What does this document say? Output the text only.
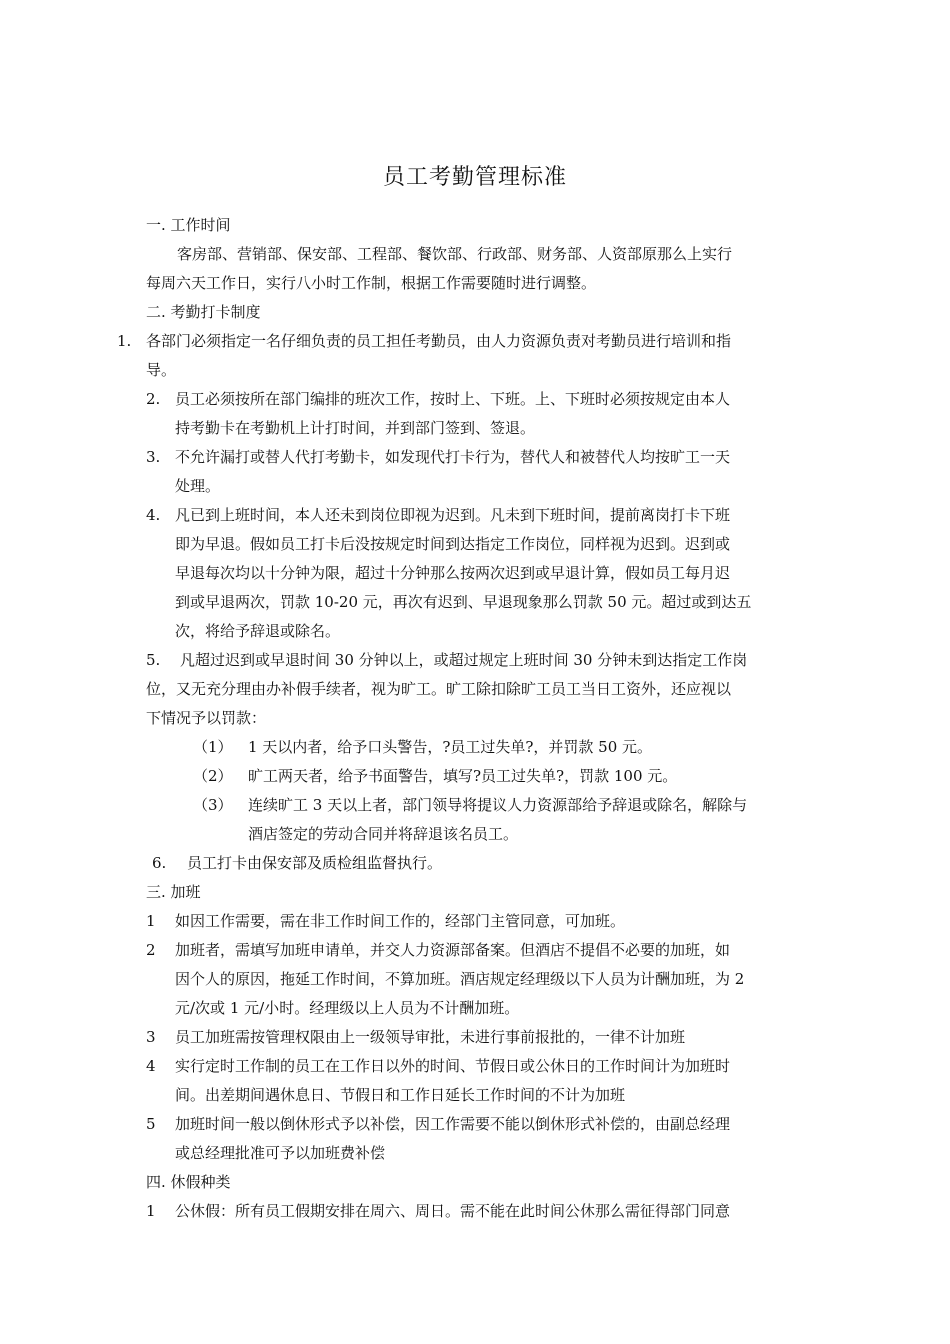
员工考勤管理标准
一. 工作时间
客房部、营销部、保安部、工程部、餐饮部、行政部、财务部、人资部原那么上实行
每周六天工作日，实行八小时工作制，根据工作需要随时进行调整。
二. 考勤打卡制度
1. 各部门必须指定一名仔细负责的员工担任考勤员，由人力资源负责对考勤员进行培训和指
导。
2. 员工必须按所在部门编排的班次工作，按时上、下班。上、下班时必须按规定由本人
持考勤卡在考勤机上计打时间，并到部门签到、签退。
3. 不允许漏打或替人代打考勤卡，如发现代打卡行为，替代人和被替代人均按旷工一天
处理。
4. 凡已到上班时间，本人还未到岗位即视为迟到。凡未到下班时间，提前离岗打卡下班
即为早退。假如员工打卡后没按规定时间到达指定工作岗位，同样视为迟到。迟到或
早退每次均以十分钟为限，超过十分钟那么按两次迟到或早退计算，假如员工每月迟
到或早退两次，罚款 10-20 元，再次有迟到、早退现象那么罚款 50 元。超过或到达五
次，将给予辞退或除名。
5. 凡超过迟到或早退时间 30 分钟以上，或超过规定上班时间 30 分钟未到达指定工作岗
位，又无充分理由办补假手续者，视为旷工。旷工除扣除旷工员工当日工资外，还应视以
下情况予以罚款：
（1） 1 天以内者，给予口头警告，?员工过失单?，并罚款 50 元。
（2） 旷工两天者，给予书面警告，填写?员工过失单?，罚款 100 元。
（3） 连续旷工 3 天以上者，部门领导将提议人力资源部给予辞退或除名，解除与
酒店签定的劳动合同并将辞退该名员工。
6. 员工打卡由保安部及质检组监督执行。
三. 加班
1 如因工作需要，需在非工作时间工作的，经部门主管同意，可加班。
2 加班者，需填写加班申请单，并交人力资源部备案。但酒店不提倡不必要的加班，如
因个人的原因，拖延工作时间，不算加班。酒店规定经理级以下人员为计酬加班，为 2
元/次或 1 元/小时。经理级以上人员为不计酬加班。
3 员工加班需按管理权限由上一级领导审批，未进行事前报批的，一律不计加班
4 实行定时工作制的员工在工作日以外的时间、节假日或公休日的工作时间计为加班时
间。出差期间遇休息日、节假日和工作日延长工作时间的不计为加班
5 加班时间一般以倒休形式予以补偿，因工作需要不能以倒休形式补偿的，由副总经理
或总经理批准可予以加班费补偿
四. 休假种类
1 公休假：所有员工假期安排在周六、周日。需不能在此时间公休那么需征得部门同意
